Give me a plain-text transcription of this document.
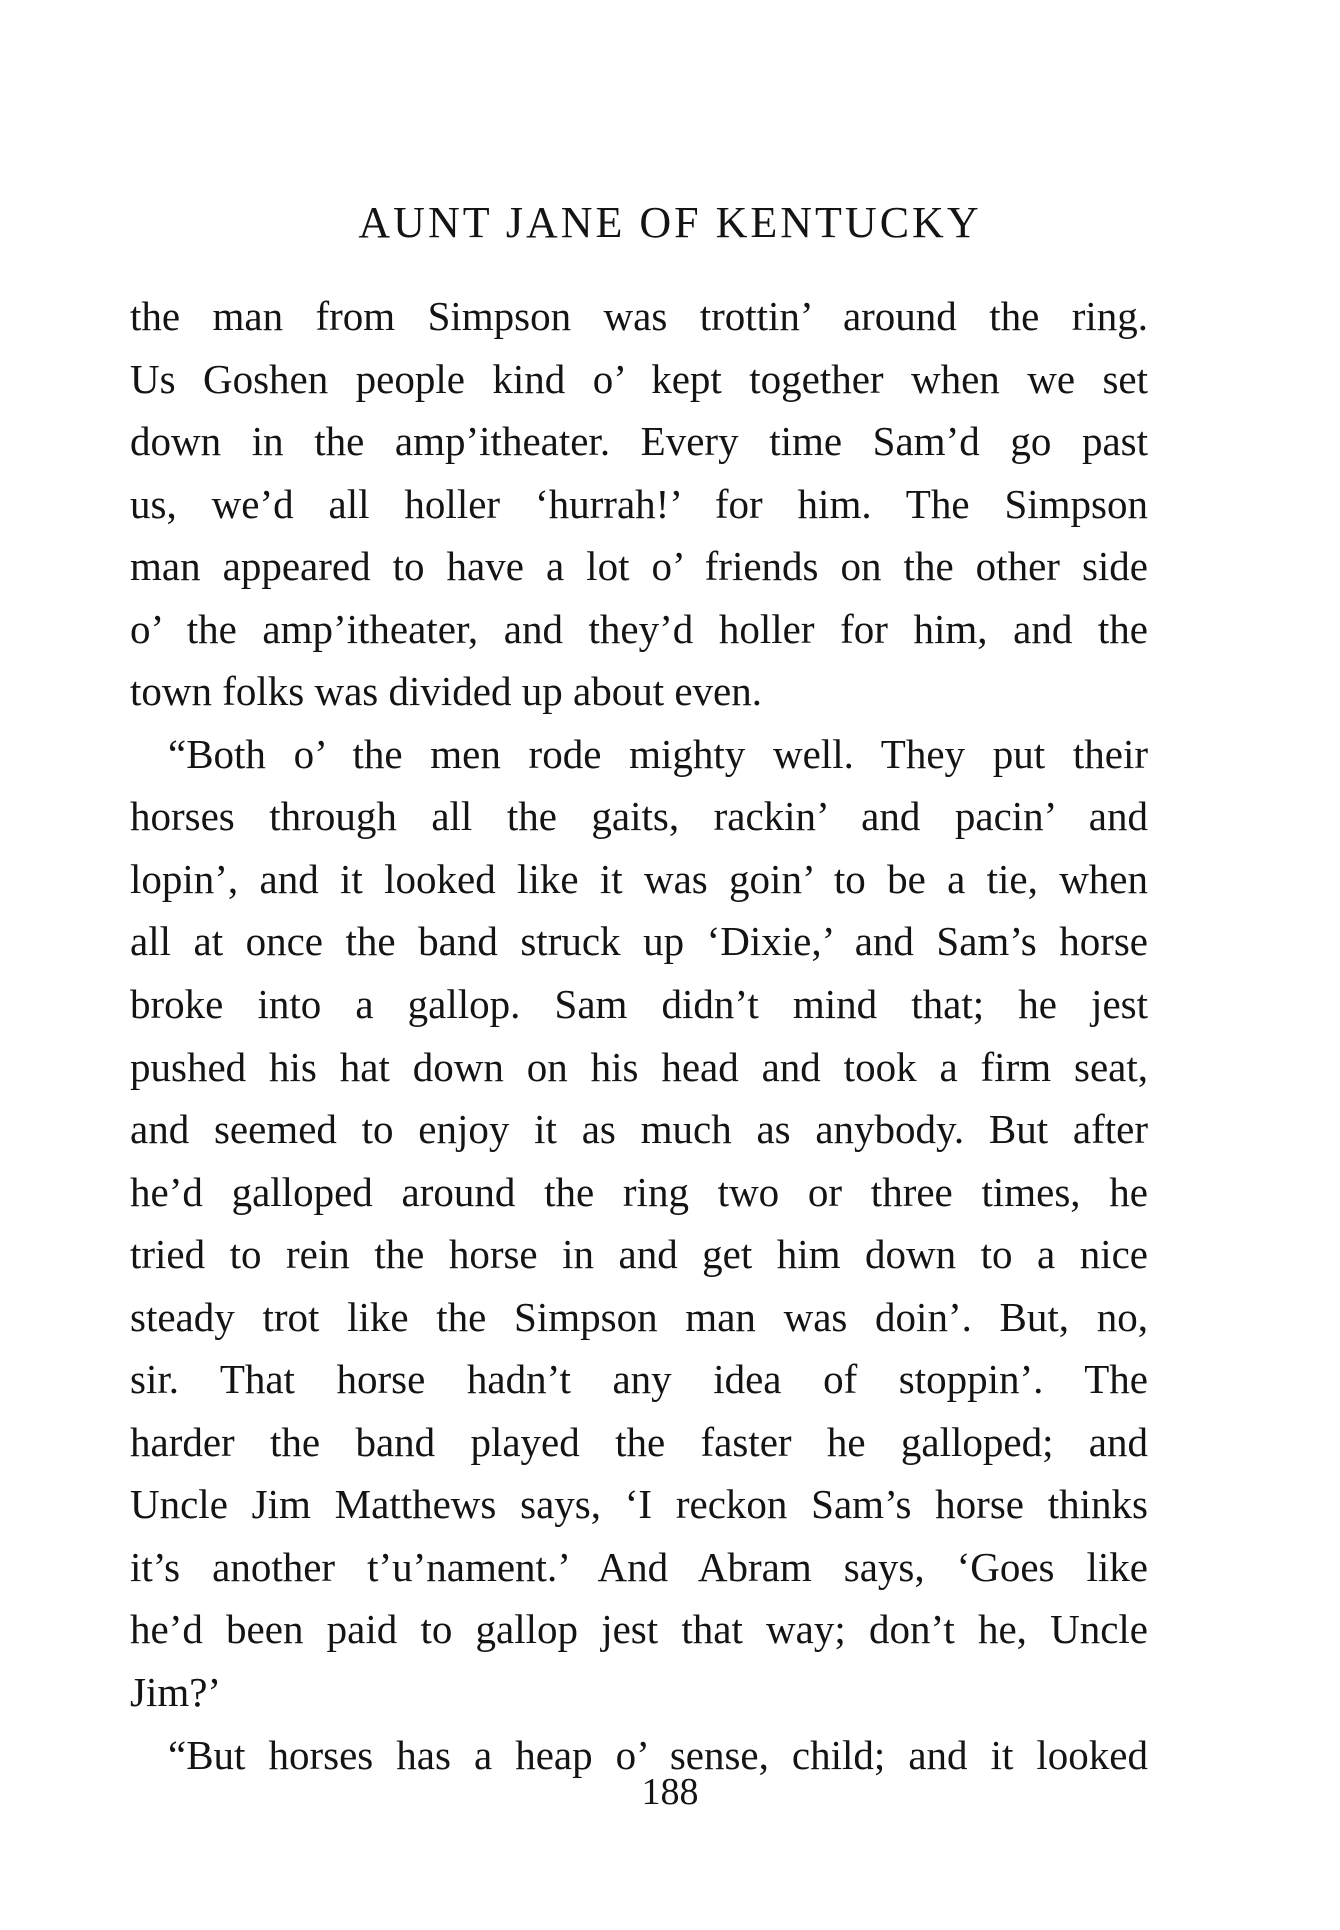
AUNT JANE OF KENTUCKY
the man from Simpson was trottin’ around the ring.
Us Goshen people kind o’ kept together when we set
down in the amp’itheater. Every time Sam’d go past
us, we’d all holler ‘hurrah!’ for him. The Simpson
man appeared to have a lot o’ friends on the other side
o’ the amp’itheater, and they’d holler for him, and the
town folks was divided up about even.
“Both o’ the men rode mighty well. They put their
horses through all the gaits, rackin’ and pacin’ and
lopin’, and it looked like it was goin’ to be a tie, when
all at once the band struck up ‘Dixie,’ and Sam’s horse
broke into a gallop. Sam didn’t mind that; he jest
pushed his hat down on his head and took a firm seat,
and seemed to enjoy it as much as anybody. But after
he’d galloped around the ring two or three times, he
tried to rein the horse in and get him down to a nice
steady trot like the Simpson man was doin’. But, no,
sir. That horse hadn’t any idea of stoppin’. The
harder the band played the faster he galloped; and
Uncle Jim Matthews says, ‘I reckon Sam’s horse thinks
it’s another t’u’nament.’ And Abram says, ‘Goes like
he’d been paid to gallop jest that way; don’t he, Uncle
Jim?’
“But horses has a heap o’ sense, child; and it looked
188
